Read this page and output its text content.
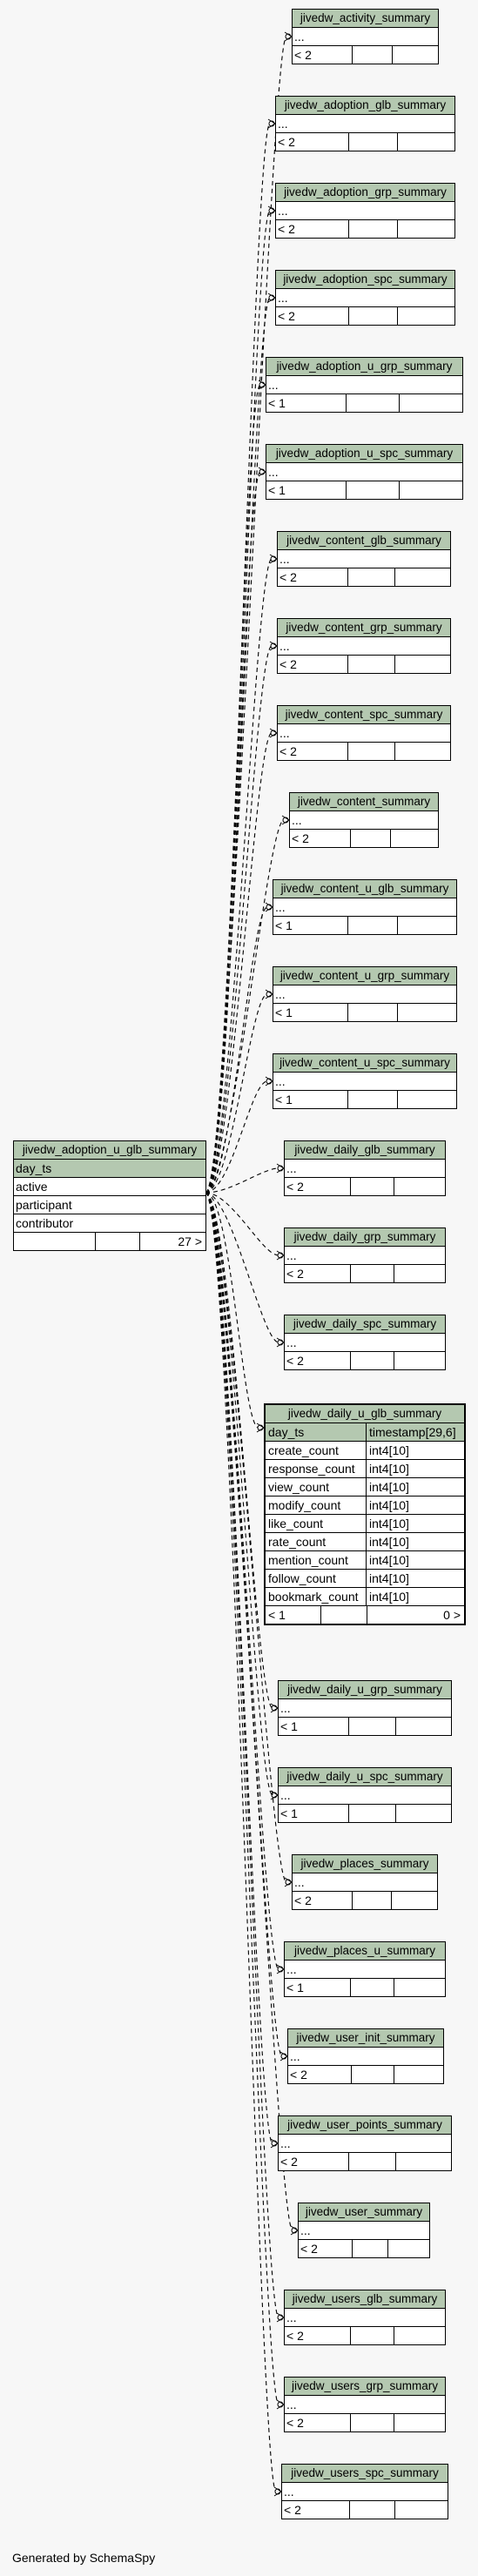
jivedw_adoption_u_glb_summary
day_ts
active
participant
contributor
27 >
jivedw_daily_u_glb_summary
day_ts	timestamp[29,6]
create_count	int4[10]
response_count	int4[10]
view_count	int4[10]
modify_count	int4[10]
like_count	int4[10]
rate_count	int4[10]
mention_count	int4[10]
follow_count	int4[10]
bookmark_count int4[10]
< 1	0 >
jivedw_activity_summary
...
< 2
jivedw_adoption_glb_summary
...
< 2
jivedw_adoption_grp_summary
...
< 2
jivedw_adoption_spc_summary
...
< 2
jivedw_adoption_u_grp_summary
...
< 1
jivedw_adoption_u_spc_summary
...
< 1
jivedw_content_glb_summary
...
< 2
jivedw_content_grp_summary
...
< 2
jivedw_content_spc_summary
...
< 2
jivedw_content_summary
...
< 2
jivedw_content_u_glb_summary
...
< 1
jivedw_content_u_grp_summary
...
< 1
jivedw_content_u_spc_summary
...
< 1
jivedw_daily_glb_summary
...
< 2
jivedw_daily_grp_summary
...
< 2
jivedw_daily_spc_summary
...
< 2
jivedw_daily_u_grp_summary
...
< 1
jivedw_daily_u_spc_summary
...
< 1
jivedw_places_summary
...
< 2
jivedw_places_u_summary
...
< 1
jivedw_user_init_summary
...
< 2
jivedw_user_points_summary
...
< 2
jivedw_user_summary
...
< 2
jivedw_users_glb_summary
...
< 2
jivedw_users_grp_summary
...
< 2
jivedw_users_spc_summary
...
< 2
Generated by SchemaSpy
